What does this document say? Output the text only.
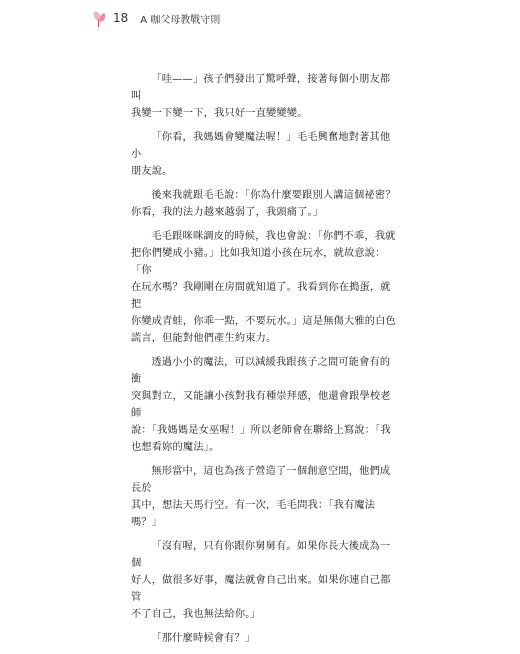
18 A 咖父母教戰守則

「哇——」孩子們發出了驚呼聲，接著每個小朋友都叫
我變一下變一下，我只好一直變變變。

「你看，我媽媽會變魔法喔！」毛毛興奮地對著其他小
朋友說。

後來我就跟毛毛說：「你為什麼要跟別人講這個祕密？
你看，我的法力越來越弱了，我頭痛了。」

毛毛跟咪咪調皮的時候，我也會說：「你們不乖，我就
把你們變成小豬。」比如我知道小孩在玩水，就故意說：「你
在玩水嗎？我剛剛在房間就知道了。我看到你在搗蛋，就把
你變成青蛙，你乖一點，不要玩水。」這是無傷大雅的白色
謊言，但能對他們產生約束力。

透過小小的魔法，可以減緩我跟孩子之間可能會有的衝
突與對立，又能讓小孩對我有種崇拜感，他還會跟學校老師
說：「我媽媽是女巫喔！」所以老師會在聯絡上寫說：「我
也想看妳的魔法」。

無形當中，這也為孩子營造了一個創意空間，他們成長於
其中，想法天馬行空。有一次，毛毛問我：「我有魔法嗎？」

「沒有喔，只有你跟你舅舅有。如果你長大後成為一個
好人，做很多好事，魔法就會自己出來。如果你連自己都管
不了自己，我也無法給你。」

「那什麼時候會有？」
